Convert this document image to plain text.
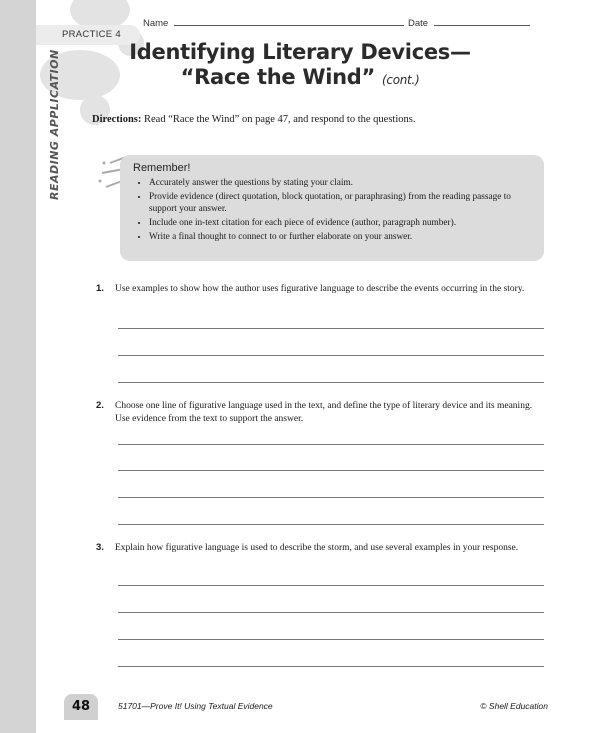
PRACTICE 4
READING APPLICATION
Name	Date
Identifying Literary Devices—
“Race the Wind” (cont.)
Directions: Read “Race the Wind” on page 47, and respond to the questions.
Remember!
• Accurately answer the questions by stating your claim.
• Provide evidence (direct quotation, block quotation, or paraphrasing) from the reading passage to support your answer.
• Include one in-text citation for each piece of evidence (author, paragraph number).
• Write a final thought to connect to or further elaborate on your answer.
1. Use examples to show how the author uses figurative language to describe the events occurring in the story.
2. Choose one line of figurative language used in the text, and define the type of literary device and its meaning. Use evidence from the text to support the answer.
3. Explain how figurative language is used to describe the storm, and use several examples in your response.
48	51701—Prove It! Using Textual Evidence	© Shell Education
